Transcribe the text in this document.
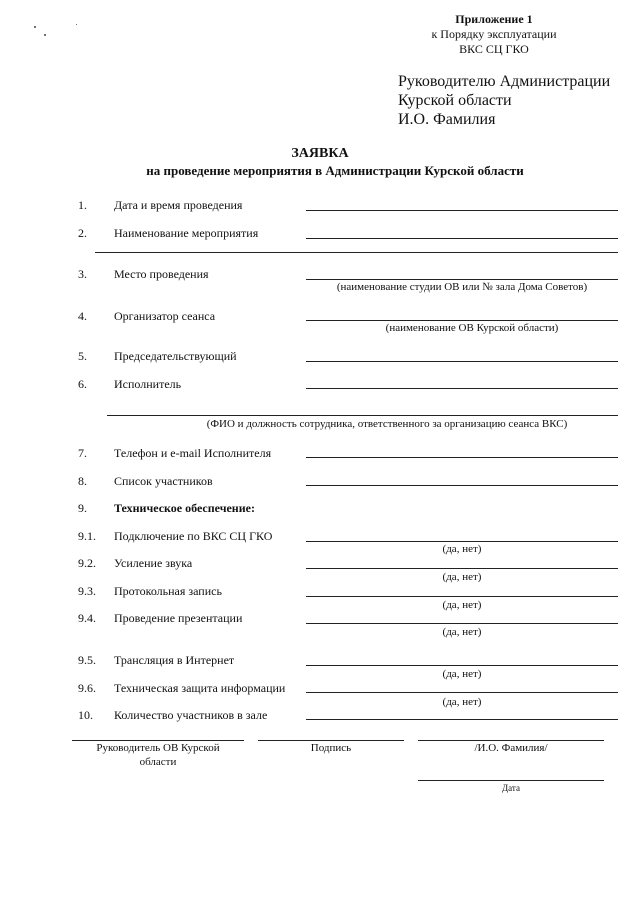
Приложение 1
к Порядку эксплуатации
ВКС СЦ ГКО
Руководителю Администрации
Курской области
И.О. Фамилия
ЗАЯВКА
на проведение мероприятия в Администрации Курской области
1. Дата и время проведения
2. Наименование мероприятия
3. Место проведения
(наименование студии ОВ или № зала Дома Советов)
4. Организатор сеанса
(наименование ОВ Курской области)
5. Председательствующий
6. Исполнитель
(ФИО и должность сотрудника, ответственного за организацию сеанса ВКС)
7. Телефон и e-mail Исполнителя
8. Список участников
9. Техническое обеспечение:
9.1. Подключение по ВКС СЦ ГКО
(да, нет)
9.2. Усиление звука
(да, нет)
9.3. Протокольная запись
(да, нет)
9.4. Проведение презентации
(да, нет)
9.5. Трансляция в Интернет
(да, нет)
9.6. Техническая защита информации
(да, нет)
10. Количество участников в зале
Руководитель ОВ Курской
области
Подпись	/И.О. Фамилия/
Дата
